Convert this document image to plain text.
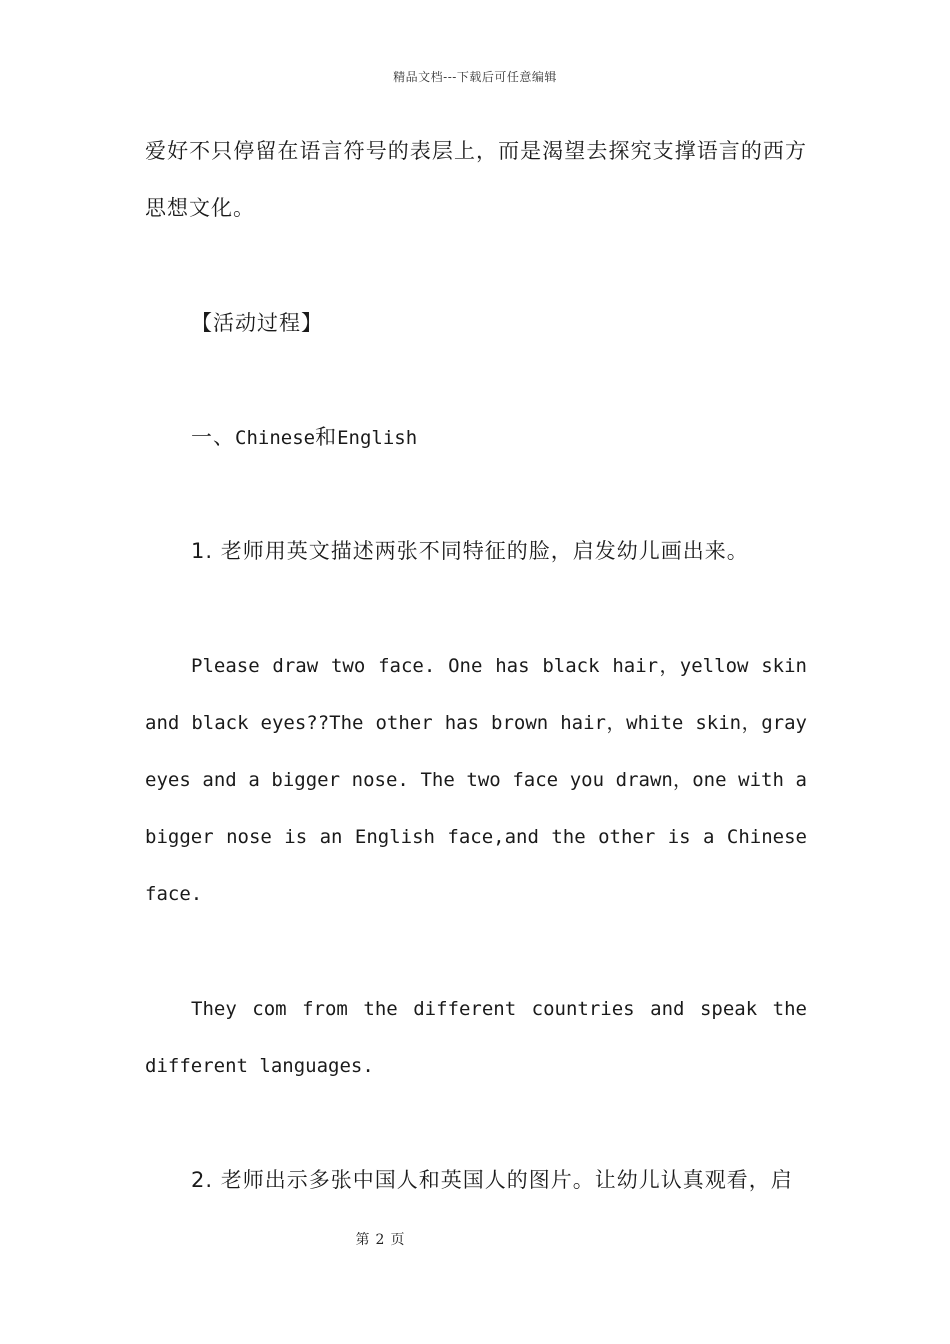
精品文档---下载后可任意编辑

爱好不只停留在语言符号的表层上，而是渴望去探究支撑语言的西方思想文化。

【活动过程】

一、Chinese和English

1. 老师用英文描述两张不同特征的脸，启发幼儿画出来。

Please draw two face. One has black hair，yellow skin and black eyes??The other has brown hair，white skin，gray eyes and a bigger nose. The two face you drawn，one with a bigger nose is an English face,and the other is a Chinese face.

They com from the different countries and speak the different languages.

2. 老师出示多张中国人和英国人的图片。让幼儿认真观看，启

第 2 页
